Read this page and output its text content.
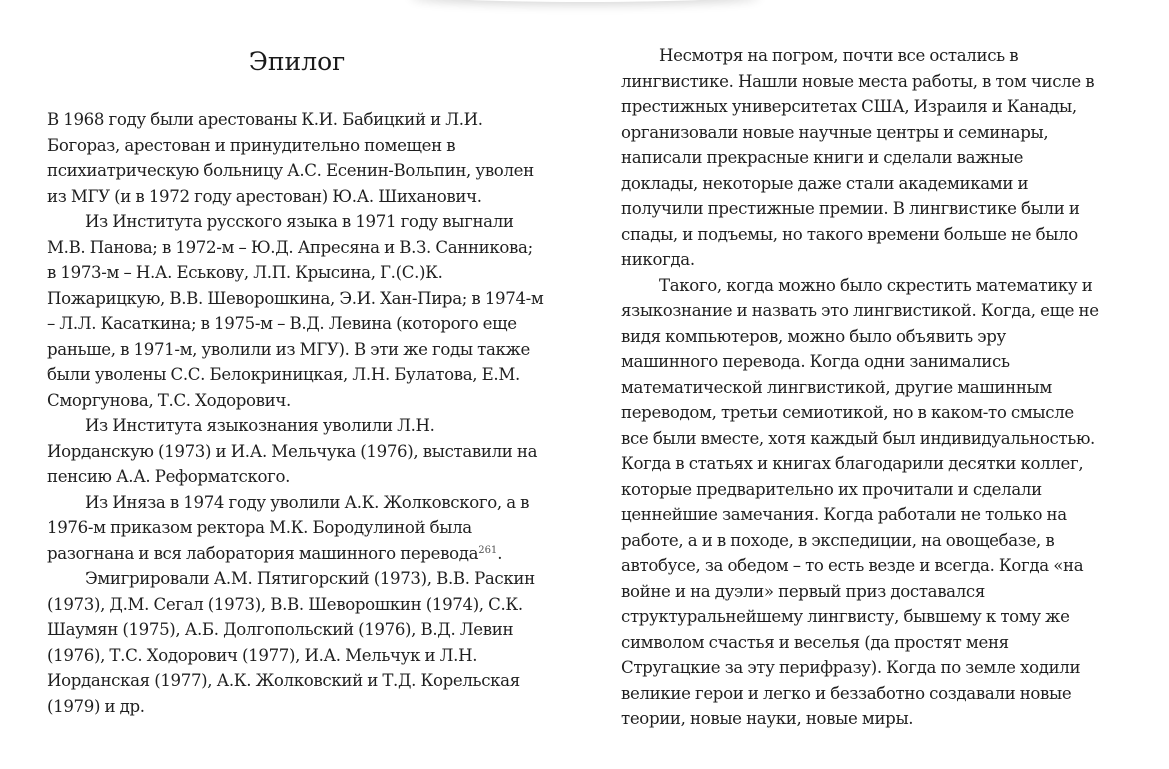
Эпилог

В 1968 году были арестованы К.И. Бабицкий и Л.И.
Богораз, арестован и принудительно помещен в
психиатрическую больницу А.С. Есенин-Вольпин, уволен
из МГУ (и в 1972 году арестован) Ю.А. Шиханович.

Из Института русского языка в 1971 году выгнали
М.В. Панова; в 1972-м – Ю.Д. Апресяна и В.З. Санникова;
в 1973-м – Н.А. Еськову, Л.П. Крысина, Г.(С.)К.
Пожарицкую, В.В. Шеворошкина, Э.И. Хан-Пира; в 1974-м
– Л.Л. Касаткина; в 1975-м – В.Д. Левина (которого еще
раньше, в 1971-м, уволили из МГУ). В эти же годы также
были уволены С.С. Белокриницкая, Л.Н. Булатова, Е.М.
Сморгунова, Т.С. Ходорович.

Из Института языкознания уволили Л.Н.
Иорданскую (1973) и И.А. Мельчука (1976), выставили на
пенсию А.А. Реформатского.

Из Иняза в 1974 году уволили А.К. Жолковского, а в
1976-м приказом ректора М.К. Бородулиной была
разогнана и вся лаборатория машинного перевода$^{261}$.

Эмигрировали А.М. Пятигорский (1973), В.В. Раскин
(1973), Д.М. Сегал (1973), В.В. Шеворошкин (1974), С.К.
Шаумян (1975), А.Б. Долгопольский (1976), В.Д. Левин
(1976), Т.С. Ходорович (1977), И.А. Мельчук и Л.Н.
Иорданская (1977), А.К. Жолковский и Т.Д. Корельская
(1979) и др.

Несмотря на погром, почти все остались в
лингвистике. Нашли новые места работы, в том числе в
престижных университетах США, Израиля и Канады,
организовали новые научные центры и семинары,
написали прекрасные книги и сделали важные
доклады, некоторые даже стали академиками и
получили престижные премии. В лингвистике были и
спады, и подъемы, но такого времени больше не было
никогда.

Такого, когда можно было скрестить математику и
языкознание и назвать это лингвистикой. Когда, еще не
видя компьютеров, можно было объявить эру
машинного перевода. Когда одни занимались
математической лингвистикой, другие машинным
переводом, третьи семиотикой, но в каком-то смысле
все были вместе, хотя каждый был индивидуальностью.
Когда в статьях и книгах благодарили десятки коллег,
которые предварительно их прочитали и сделали
ценнейшие замечания. Когда работали не только на
работе, а и в походе, в экспедиции, на овощебазе, в
автобусе, за обедом – то есть везде и всегда. Когда «на
войне и на дуэли» первый приз доставался
структуральнейшему лингвисту, бывшему к тому же
символом счастья и веселья (да простят меня
Стругацкие за эту перифразу). Когда по земле ходили
великие герои и легко и беззаботно создавали новые
теории, новые науки, новые миры.
